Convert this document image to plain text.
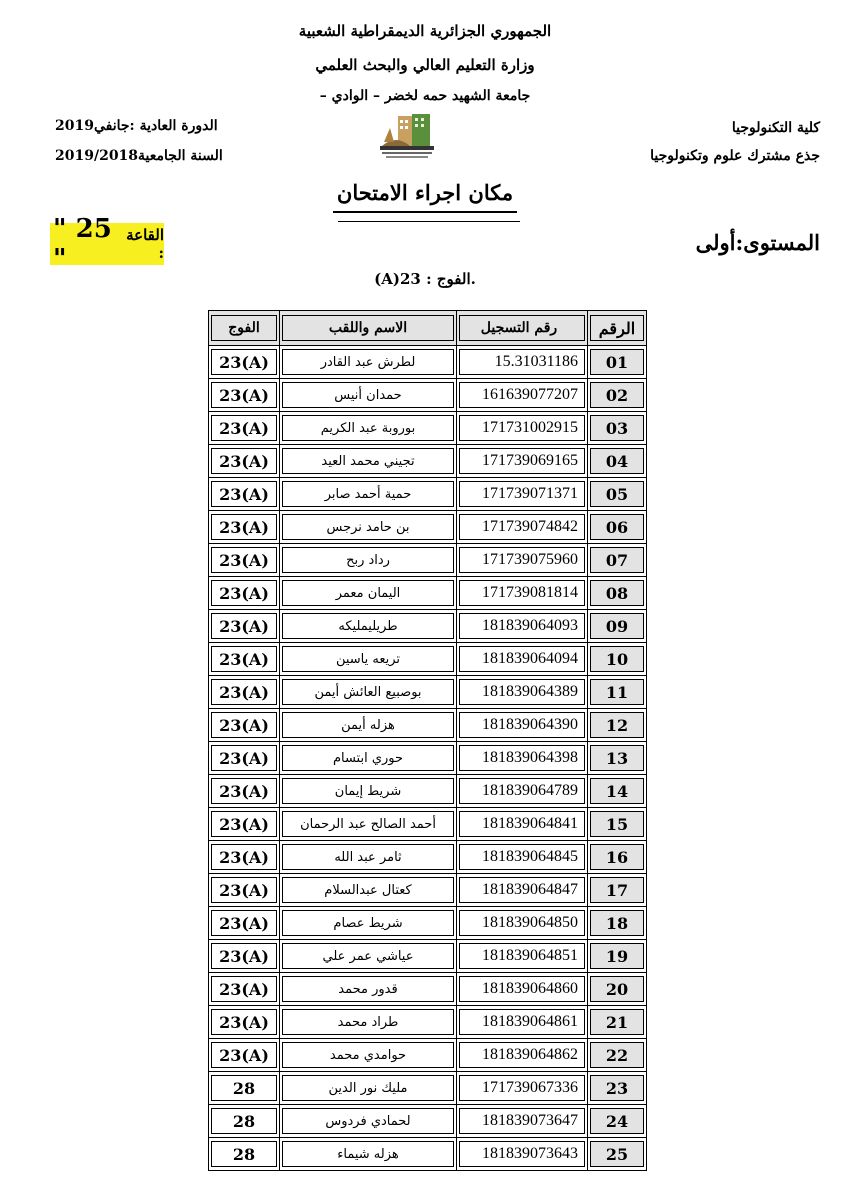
الجمهوري الجزائرية الديمقراطية الشعبية
وزارة التعليم العالي والبحث العلمي
جامعة الشهيد حمه لخضر – الوادي –
كلية التكنولوجيا
جذع مشترك علوم وتكنولوجيا
الدورة العادية :جانفي2019
السنة الجامعية2019/2018
مكان اجراء الامتحان
المستوى:أولى
القاعة :
" 25 "
.الفوج : 23(A)
الرقم	رقم التسجيل	الاسم واللقب	الفوج

01	15.31031186	لطرش عبد القادر	23(A)

02	161639077207	حمدان أنيس	23(A)

03	171731002915	بوروبة عبد الكريم	23(A)

04	171739069165	تجيني محمد العيد	23(A)

05	171739071371	حمية أحمد صابر	23(A)

06	171739074842	بن حامد نرجس	23(A)

07	171739075960	رداد ربح	23(A)

08	171739081814	اليمان معمر	23(A)

09	181839064093	طريليمليكه	23(A)

10	181839064094	تريعه ياسين	23(A)

11	181839064389	بوصبيع العائش أيمن	23(A)

12	181839064390	هزله أيمن	23(A)

13	181839064398	حوري ابتسام	23(A)

14	181839064789	شريط إيمان	23(A)

15	181839064841	أحمد الصالح عبد الرحمان	23(A)

16	181839064845	ثامر عبد الله	23(A)

17	181839064847	كعتال عبدالسلام	23(A)

18	181839064850	شريط عصام	23(A)

19	181839064851	عياشي عمر علي	23(A)

20	181839064860	قدور محمد	23(A)

21	181839064861	طراد محمد	23(A)

22	181839064862	حوامدي محمد	23(A)

23	171739067336	مليك نور الدين	28

24	181839073647	لحمادي فردوس	28

25	181839073643	هزله شيماء	28
